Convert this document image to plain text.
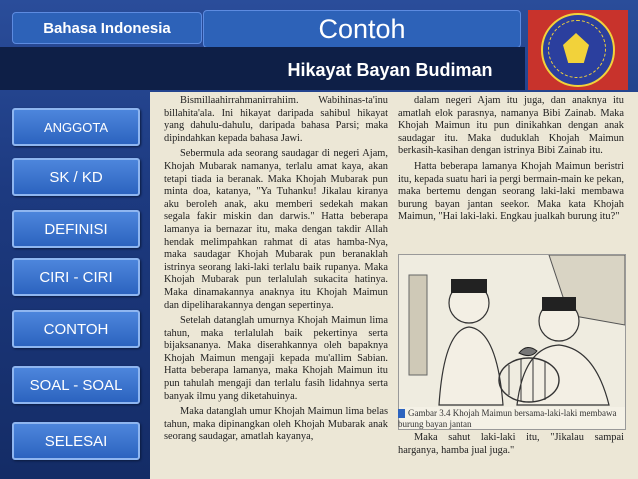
Bahasa Indonesia	Contoh
Hikayat Bayan Budiman
ANGGOTA
SK / KD
DEFINISI
CIRI - CIRI
CONTOH
SOAL - SOAL
SELESAI

Bismillaahirrahmanirrahiim. Wabihinas-ta'inu billahita'ala. Ini hikayat daripada sahibul hikayat yang dahulu-dahulu, daripada bahasa Parsi; maka dipindahkan kepada bahasa Jawi.

Sebermula ada seorang saudagar di negeri Ajam, Khojah Mubarak namanya, terlalu amat kaya, akan tetapi tiada ia beranak. Maka Khojah Mubarak pun minta doa, katanya, "Ya Tuhanku! Jikalau kiranya aku beroleh anak, aku memberi sedekah makan segala fakir miskin dan darwis." Hatta beberapa lamanya ia bernazar itu, maka dengan takdir Allah hendak melimpahkan rahmat di atas hamba-Nya, maka saudagar Khojah Mubarak pun beranaklah istrinya seorang laki-laki terlalu baik rupanya. Maka Khojah Mubarak pun terlalulah sukacita hatinya. Maka dinamakannya anaknya itu Khojah Maimun dan dipeliharakannya dengan sepertinya.

Setelah datanglah umurnya Khojah Maimun lima tahun, maka terlalulah baik pekertinya serta bijaksananya. Maka diserahkannya oleh bapaknya Khojah Maimun mengaji kepada mu'allim Sabian. Hatta beberapa lamanya, maka Khojah Maimun itu pun tahulah mengaji dan terlalu fasih lidahnya serta banyak ilmu yang diketahuinya.

Maka datanglah umur Khojah Maimun lima belas tahun, maka dipinangkan oleh Khojah Mubarak anak seorang saudagar, amatlah kayanya,

dalam negeri Ajam itu juga, dan anaknya itu amatlah elok parasnya, namanya Bibi Zainab. Maka Khojah Maimun itu pun dinikahkan dengan anak saudagar itu. Maka duduklah Khojah Maimun berkasih-kasihan dengan istrinya Bibi Zainab itu.

Hatta beberapa lamanya Khojah Maimun beristri itu, kepada suatu hari ia pergi bermain-main ke pekan, maka bertemu dengan seorang laki-laki membawa burung bayan jantan seekor. Maka kata Khojah Maimun, "Hai laki-laki. Engkau jualkah burung itu?"

Gambar 3.4 Khojah Maimun bersama-laki-laki membawa burung bayan jantan

Maka sahut laki-laki itu, "Jikalau sampai harganya, hamba jual juga."
